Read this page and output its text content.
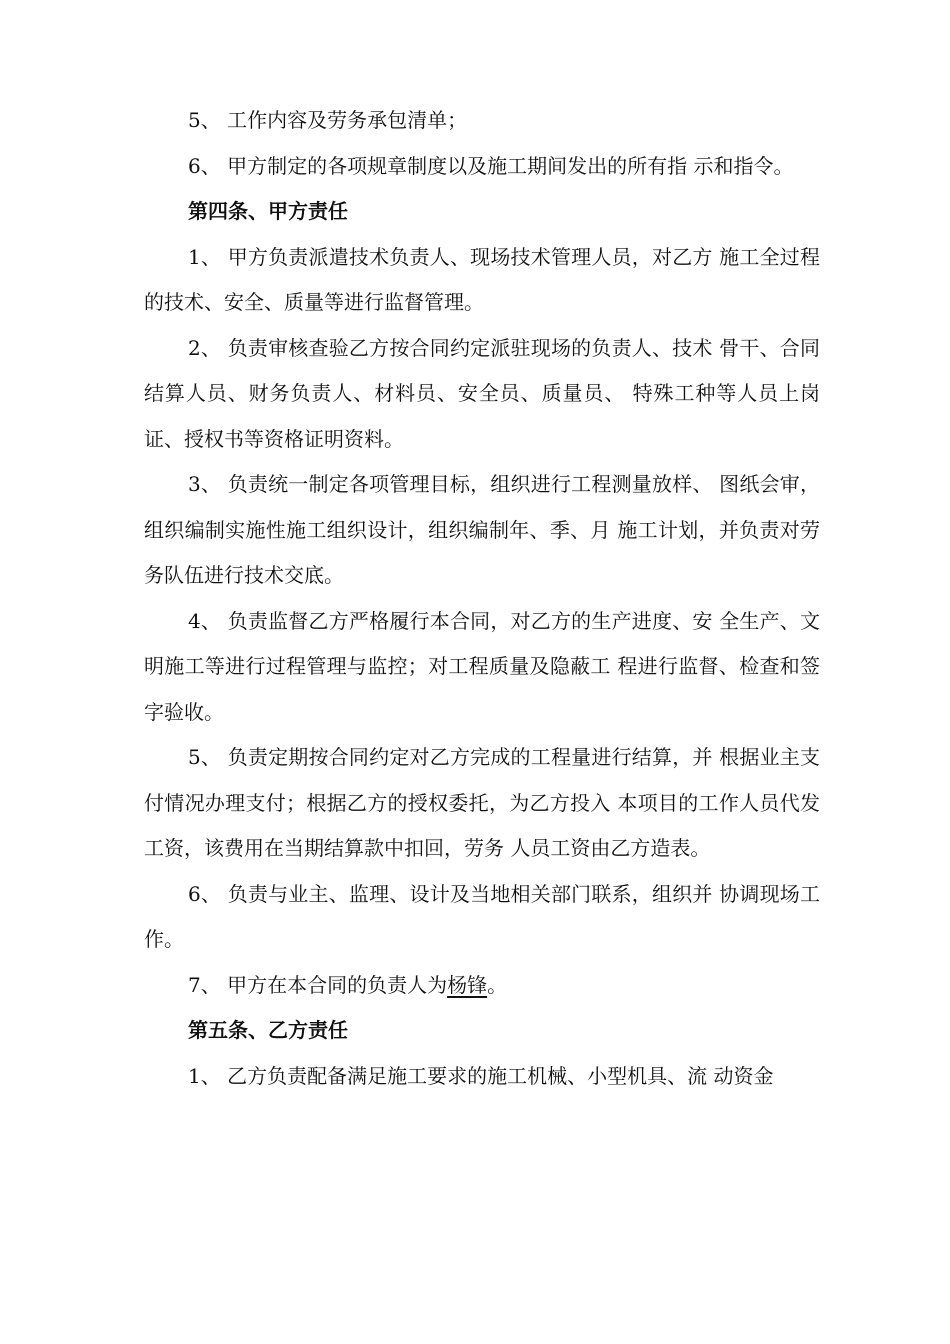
5、 工作内容及劳务承包清单；

6、 甲方制定的各项规章制度以及施工期间发出的所有指 示和指令。

第四条、甲方责任

1、 甲方负责派遣技术负责人、现场技术管理人员，对乙方 施工全过程的技术、安全、质量等进行监督管理。

2、 负责审核查验乙方按合同约定派驻现场的负责人、技术 骨干、合同结算人员、财务负责人、材料员、安全员、质量员、 特殊工种等人员上岗证、授权书等资格证明资料。

3、 负责统一制定各项管理目标，组织进行工程测量放样、 图纸会审，组织编制实施性施工组织设计，组织编制年、季、月 施工计划，并负责对劳务队伍进行技术交底。

4、 负责监督乙方严格履行本合同，对乙方的生产进度、安 全生产、文明施工等进行过程管理与监控；对工程质量及隐蔽工 程进行监督、检查和签字验收。

5、 负责定期按合同约定对乙方完成的工程量进行结算，并 根据业主支付情况办理支付；根据乙方的授权委托，为乙方投入 本项目的工作人员代发工资，该费用在当期结算款中扣回，劳务 人员工资由乙方造表。

6、 负责与业主、监理、设计及当地相关部门联系，组织并 协调现场工作。

7、 甲方在本合同的负责人为杨锋。

第五条、乙方责任

1、 乙方负责配备满足施工要求的施工机械、小型机具、流 动资金
